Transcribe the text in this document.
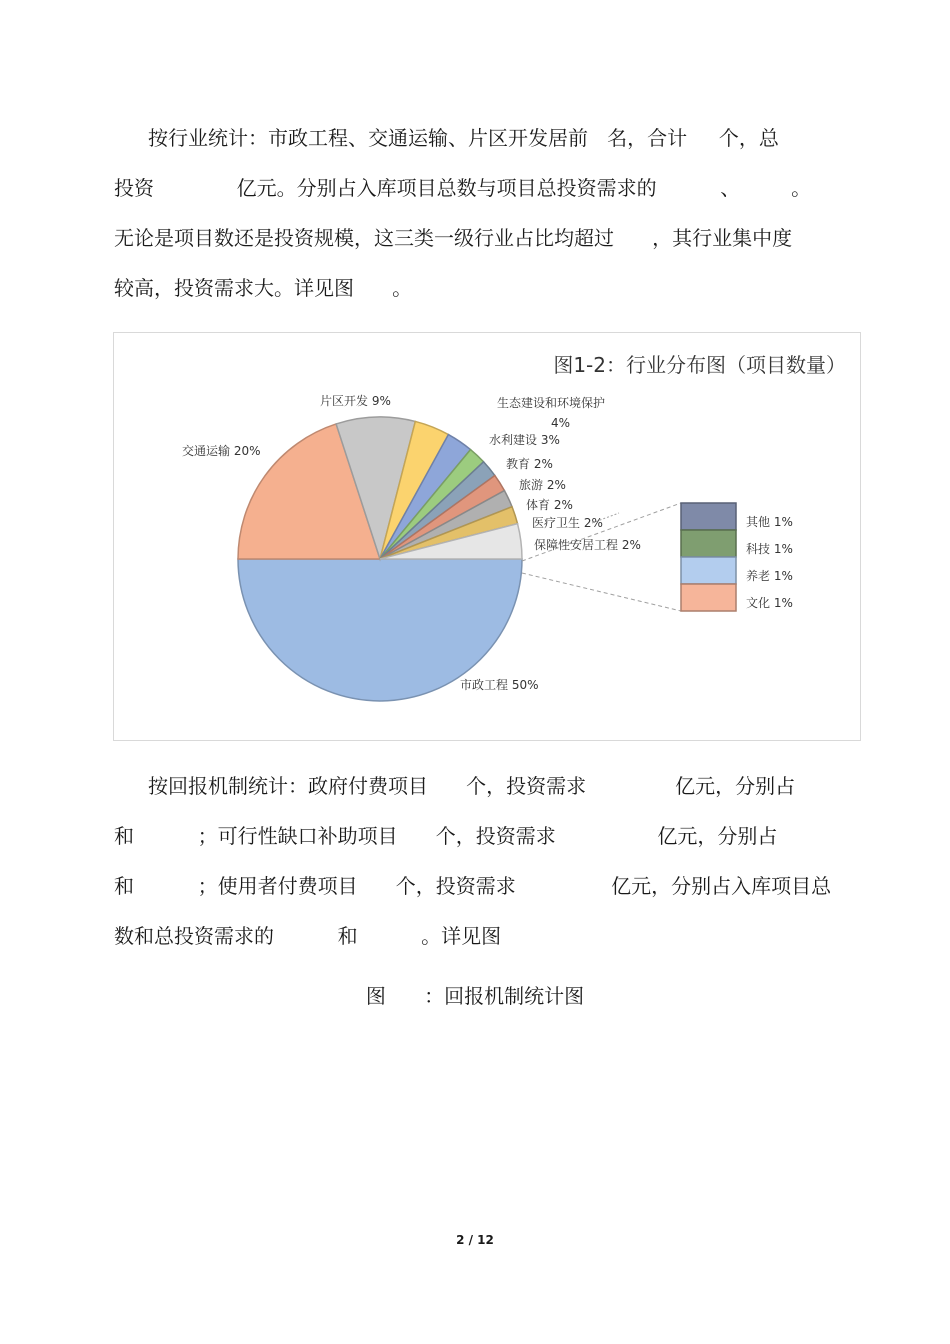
按行业统计：市政工程、交通运输、片区开发居前   名，合计     个，总
投资             亿元。分别占入库项目总数与项目总投资需求的          、        。
无论是项目数还是投资规模，这三类一级行业占比均超过      ，其行业集中度
较高，投资需求大。详见图      。
图1-2：行业分布图（项目数量）
市政工程 50%
交通运输 20%
片区开发 9%	生态建设和环境保护
4%
水利建设 3%
教育 2%
旅游 2%
体育 2%
医疗卫生 2%
保障性安居工程 2%
其他 1%
科技 1%
养老 1%
文化 1%
按回报机制统计：政府付费项目      个，投资需求              亿元，分别占
和          ；可行性缺口补助项目      个，投资需求                亿元，分别占
和          ；使用者付费项目      个，投资需求               亿元，分别占入库项目总
数和总投资需求的          和          。详见图
图      ：回报机制统计图
2 / 12
